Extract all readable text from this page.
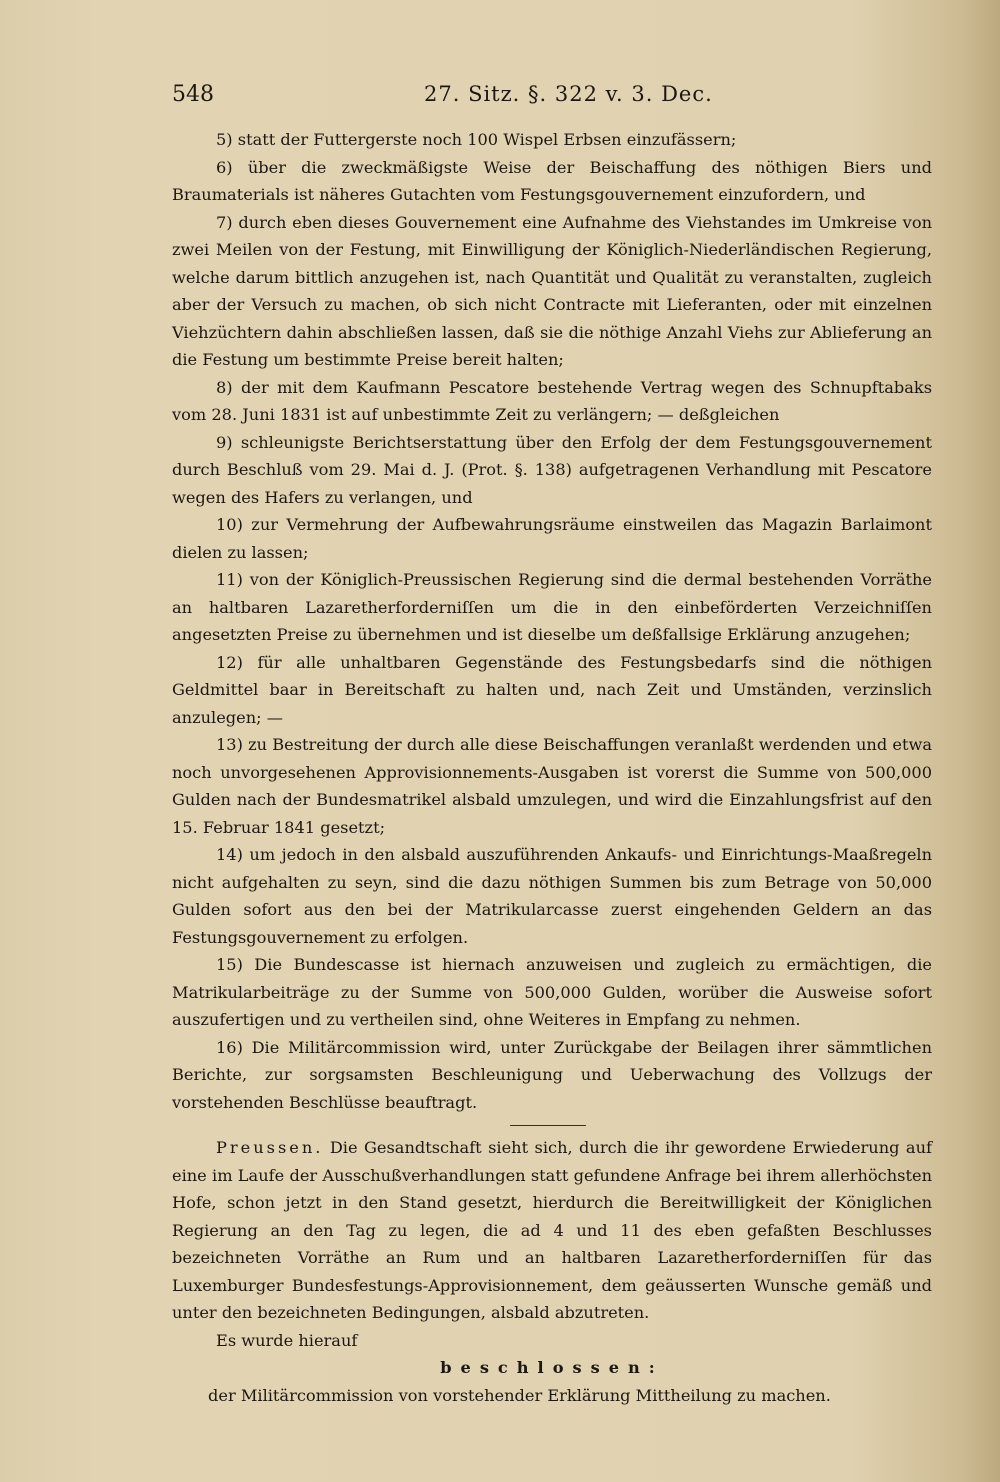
548	27. Sitz. §. 322 v. 3. Dec.

5) statt der Futtergerste noch 100 Wispel Erbsen einzufässern;

6) über die zweckmäßigste Weise der Beischaffung des nöthigen Biers und Braumaterials ist näheres Gutachten vom Festungsgouvernement einzufordern, und

7) durch eben dieses Gouvernement eine Aufnahme des Viehstandes im Umkreise von zwei Meilen von der Festung, mit Einwilligung der Königlich-Niederländischen Regierung, welche darum bittlich anzugehen ist, nach Quantität und Qualität zu veranstalten, zugleich aber der Versuch zu machen, ob sich nicht Contracte mit Lieferanten, oder mit einzelnen Viehzüchtern dahin abschließen lassen, daß sie die nöthige Anzahl Viehs zur Ablieferung an die Festung um bestimmte Preise bereit halten;

8) der mit dem Kaufmann Pescatore bestehende Vertrag wegen des Schnupftabaks vom 28. Juni 1831 ist auf unbestimmte Zeit zu verlängern; — deßgleichen

9) schleunigste Berichtserstattung über den Erfolg der dem Festungsgouvernement durch Beschluß vom 29. Mai d. J. (Prot. §. 138) aufgetragenen Verhandlung mit Pescatore wegen des Hafers zu verlangen, und

10) zur Vermehrung der Aufbewahrungsräume einstweilen das Magazin Barlaimont dielen zu lassen;

11) von der Königlich-Preussischen Regierung sind die dermal bestehenden Vorräthe an haltbaren Lazaretherforderniſſen um die in den einbeförderten Verzeichniſſen angesetzten Preise zu übernehmen und ist dieselbe um deßfallsige Erklärung anzugehen;

12) für alle unhaltbaren Gegenstände des Festungsbedarfs sind die nöthigen Geldmittel baar in Bereitschaft zu halten und, nach Zeit und Umständen, verzinslich anzulegen; —

13) zu Bestreitung der durch alle diese Beischaffungen veranlaßt werdenden und etwa noch unvorgesehenen Approvisionnements-Ausgaben ist vorerst die Summe von 500,000 Gulden nach der Bundesmatrikel alsbald umzulegen, und wird die Einzahlungsfrist auf den 15. Februar 1841 gesetzt;

14) um jedoch in den alsbald auszuführenden Ankaufs- und Einrichtungs-Maaßregeln nicht aufgehalten zu seyn, sind die dazu nöthigen Summen bis zum Betrage von 50,000 Gulden sofort aus den bei der Matrikularcasse zuerst eingehenden Geldern an das Festungsgouvernement zu erfolgen.

15) Die Bundescasse ist hiernach anzuweisen und zugleich zu ermächtigen, die Matrikularbeiträge zu der Summe von 500,000 Gulden, worüber die Ausweise sofort auszufertigen und zu vertheilen sind, ohne Weiteres in Empfang zu nehmen.

16) Die Militärcommission wird, unter Zurückgabe der Beilagen ihrer sämmtlichen Berichte, zur sorgsamsten Beschleunigung und Ueberwachung des Vollzugs der vorstehenden Beschlüsse beauftragt.

Preussen. Die Gesandtschaft sieht sich, durch die ihr gewordene Erwiederung auf eine im Laufe der Ausschußverhandlungen statt gefundene Anfrage bei ihrem allerhöchsten Hofe, schon jetzt in den Stand gesetzt, hierdurch die Bereitwilligkeit der Königlichen Regierung an den Tag zu legen, die ad 4 und 11 des eben gefaßten Beschlusses bezeichneten Vorräthe an Rum und an haltbaren Lazaretherforderniſſen für das Luxemburger Bundesfestungs-Approvisionnement, dem geäusserten Wunsche gemäß und unter den bezeichneten Bedingungen, alsbald abzutreten.

Es wurde hierauf

beschlossen:

der Militärcommission von vorstehender Erklärung Mittheilung zu machen.
